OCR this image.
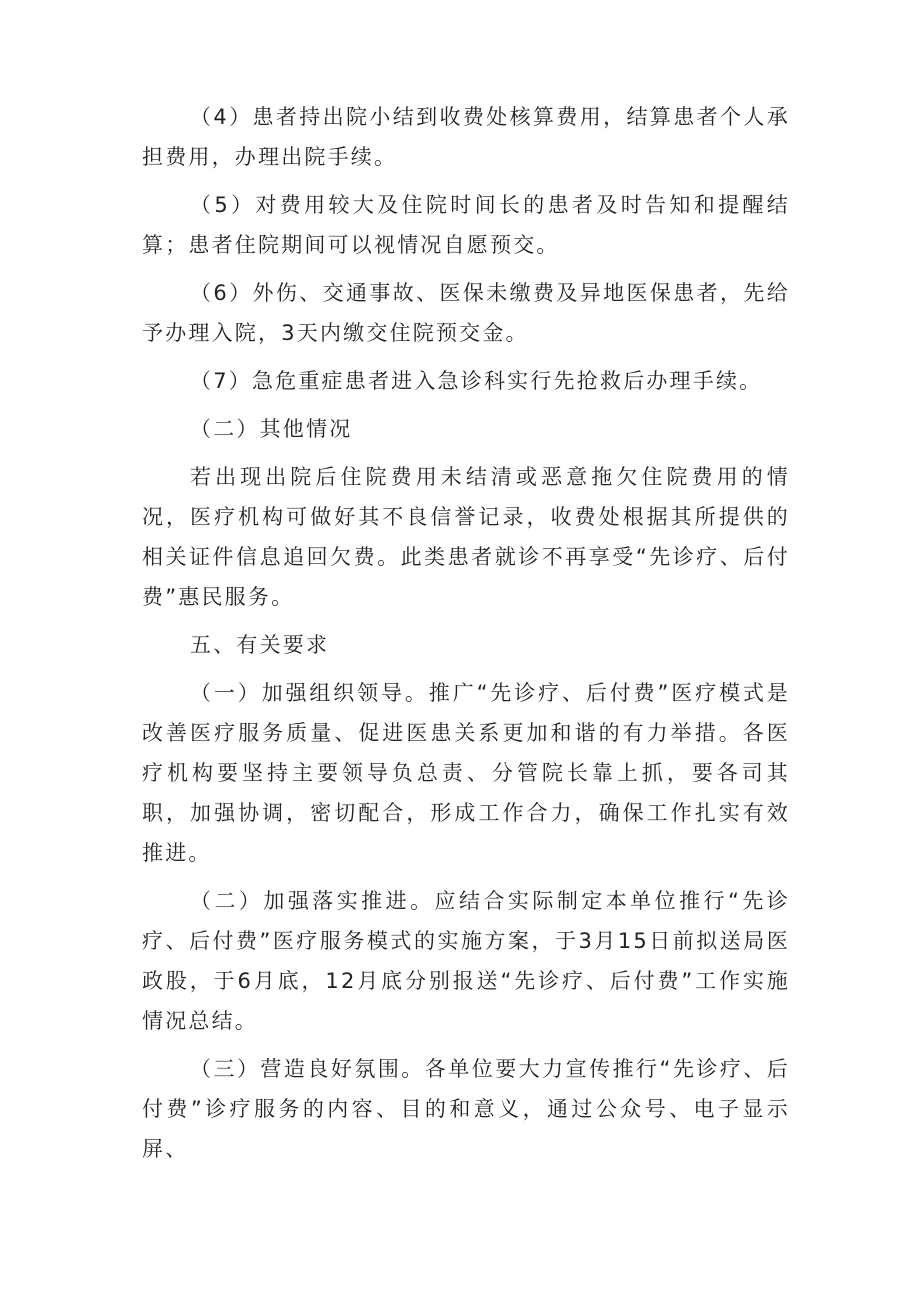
（4）患者持出院小结到收费处核算费用，结算患者个人承担费用，办理出院手续。

（5）对费用较大及住院时间长的患者及时告知和提醒结算；患者住院期间可以视情况自愿预交。

（6）外伤、交通事故、医保未缴费及异地医保患者，先给予办理入院，3天内缴交住院预交金。

（7）急危重症患者进入急诊科实行先抢救后办理手续。

（二）其他情况

若出现出院后住院费用未结清或恶意拖欠住院费用的情况，医疗机构可做好其不良信誉记录，收费处根据其所提供的相关证件信息追回欠费。此类患者就诊不再享受“先诊疗、后付费”惠民服务。

五、有关要求

（一）加强组织领导。推广“先诊疗、后付费”医疗模式是改善医疗服务质量、促进医患关系更加和谐的有力举措。各医疗机构要坚持主要领导负总责、分管院长靠上抓，要各司其职，加强协调，密切配合，形成工作合力，确保工作扎实有效推进。

（二）加强落实推进。应结合实际制定本单位推行“先诊疗、后付费”医疗服务模式的实施方案，于3月15日前拟送局医政股，于6月底，12月底分别报送“先诊疗、后付费”工作实施情况总结。

（三）营造良好氛围。各单位要大力宣传推行“先诊疗、后付费”诊疗服务的内容、目的和意义，通过公众号、电子显示屏、
